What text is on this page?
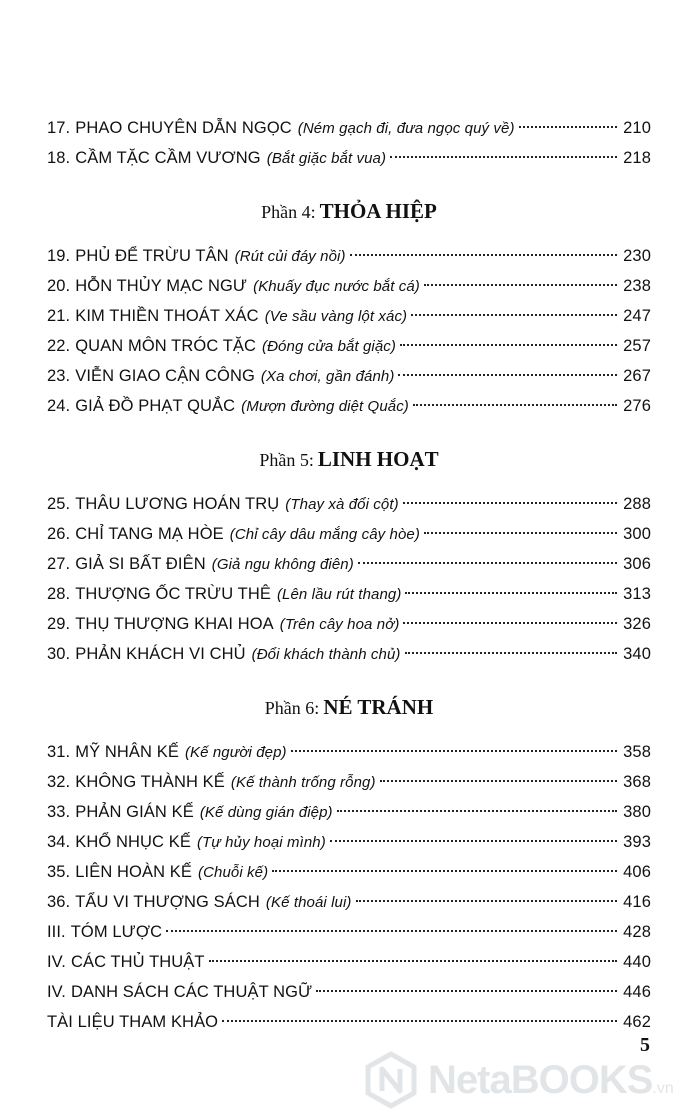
17. PHAO CHUYÊN DẪN NGỌC (Ném gạch đi, đưa ngọc quý về)	210
18. CẦM TẶC CẦM VƯƠNG (Bắt giặc bắt vua)	218
Phần 4: THỎA HIỆP
19. PHỦ ĐỂ TRỪU TÂN (Rút củi đáy nồi)	230
20. HỖN THỦY MẠC NGƯ (Khuấy đục nước bắt cá)	238
21. KIM THIỀN THOÁT XÁC (Ve sầu vàng lột xác)	247
22. QUAN MÔN TRÓC TẶC (Đóng cửa bắt giặc)	257
23. VIỄN GIAO CẬN CÔNG (Xa chơi, gần đánh)	267
24. GIẢ ĐỒ PHẠT QUẮC (Mượn đường diệt Quắc)	276
Phần 5: LINH HOẠT
25. THÂU LƯƠNG HOÁN TRỤ (Thay xà đổi cột)	288
26. CHỈ TANG MẠ HÒE (Chỉ cây dâu mắng cây hòe)	300
27. GIẢ SI BẤT ĐIÊN (Giả ngu không điên)	306
28. THƯỢNG ỐC TRỪU THÊ (Lên lầu rút thang)	313
29. THỤ THƯỢNG KHAI HOA (Trên cây hoa nở)	326
30. PHẢN KHÁCH VI CHỦ (Đổi khách thành chủ)	340
Phần 6: NÉ TRÁNH
31. MỸ NHÂN KẾ (Kế người đẹp)	358
32. KHÔNG THÀNH KẾ (Kế thành trống rỗng)	368
33. PHẢN GIÁN KẾ (Kế dùng gián điệp)	380
34. KHỔ NHỤC KẾ (Tự hủy hoại mình)	393
35. LIÊN HOÀN KẾ (Chuỗi kế)	406
36. TẨU VI THƯỢNG SÁCH (Kế thoái lui)	416
III. TÓM LƯỢC	428
IV. CÁC THỦ THUẬT	440
IV. DANH SÁCH CÁC THUẬT NGỮ	446
TÀI LIỆU THAM KHẢO	462
5
NetaBOOKS.vn
